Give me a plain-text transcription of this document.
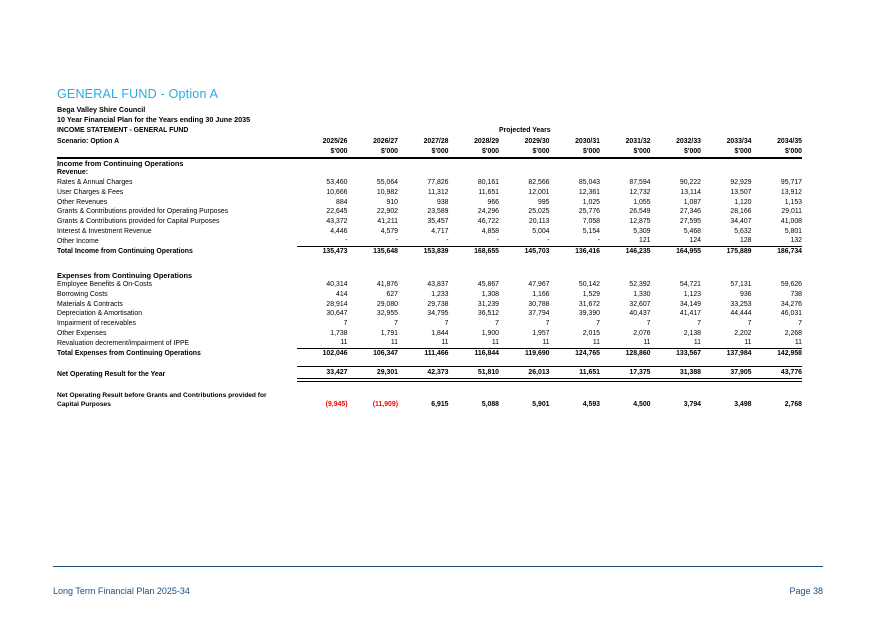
GENERAL FUND - Option A
Bega Valley Shire Council
10 Year Financial Plan for the Years ending 30 June 2035
INCOME STATEMENT - GENERAL FUND					Projected Years					
Scenario: Option A	2025/26	2026/27	2027/28	2028/29	2029/30	2030/31	2031/32	2032/33	2033/34	2034/35
	$'000	$'000	$'000	$'000	$'000	$'000	$'000	$'000	$'000	$'000
Income from Continuing Operations										
Revenue:										
Rates & Annual Charges	53,460	55,064	77,826	80,161	82,566	85,043	87,594	90,222	92,929	95,717
User Charges & Fees	10,666	10,982	11,312	11,651	12,001	12,361	12,732	13,114	13,507	13,912
Other Revenues	884	910	938	966	995	1,025	1,055	1,087	1,120	1,153
Grants & Contributions provided for Operating Purposes	22,645	22,902	23,589	24,296	25,025	25,776	26,549	27,346	28,166	29,011
Grants & Contributions provided for Capital Purposes	43,372	41,211	35,457	46,722	20,113	7,058	12,875	27,595	34,407	41,008
Interest & Investment Revenue	4,446	4,579	4,717	4,858	5,004	5,154	5,309	5,468	5,632	5,801
Other Income	-	-	-	-	-	-	121	124	128	132
Total Income from Continuing Operations	135,473	135,648	153,839	168,655	145,703	136,416	146,235	164,955	175,889	186,734

Expenses from Continuing Operations										
Employee Benefits & On-Costs	40,314	41,876	43,837	45,867	47,967	50,142	52,392	54,721	57,131	59,626
Borrowing Costs	414	627	1,233	1,308	1,166	1,529	1,330	1,123	936	738
Materials & Contracts	28,914	29,080	29,738	31,239	30,788	31,672	32,607	34,149	33,253	34,276
Depreciation & Amortisation	30,647	32,955	34,795	36,512	37,794	39,390	40,437	41,417	44,444	46,031
Impairment of receivables	7	7	7	7	7	7	7	7	7	7
Other Expenses	1,738	1,791	1,844	1,900	1,957	2,015	2,076	2,138	2,202	2,268
Revaluation decrement/impairment of IPPE	11	11	11	11	11	11	11	11	11	11
Total Expenses from Continuing Operations	102,046	106,347	111,466	116,844	119,690	124,765	128,860	133,567	137,984	142,958

Net Operating Result for the Year	33,427	29,301	42,373	51,810	26,013	11,651	17,375	31,388	37,905	43,776

Net Operating Result before Grants and Contributions provided for
Capital Purposes	(9,945)	(11,909)	6,915	5,088	5,901	4,593	4,500	3,794	3,498	2,768
Long Term Financial Plan 2025-34	Page 38
